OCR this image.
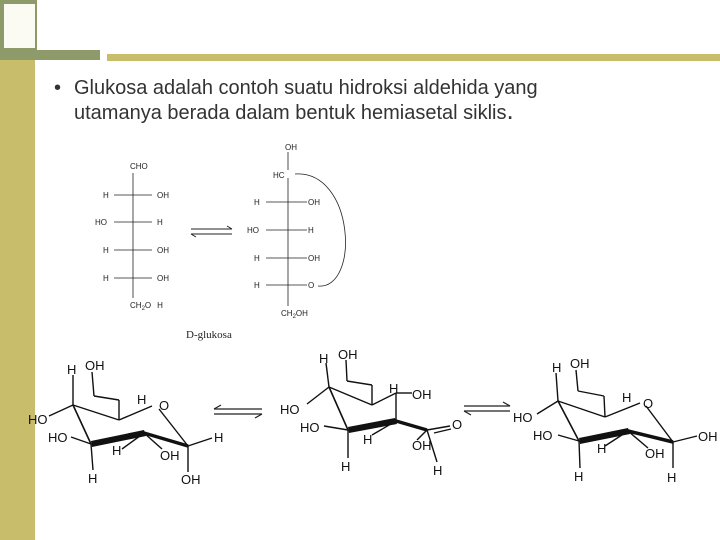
• Glukosa adalah contoh suatu hidroksi aldehida yang
utamanya berada dalam bentuk hemiasetal siklis.
CHO
H	OH
HO	H
H	OH
H	OH
$CH_2O$ H
OH
HC
H	OH
HO	H
H	OH
H	O
$CH_2OH$
D-glukosa
H OH
HO
HO
H O
H	OH
H
H	OH
H OH
HO
HO
H OH
H	OH
O
H	H
H OH
HO
HO
H O
H	OH
OH
H	H
